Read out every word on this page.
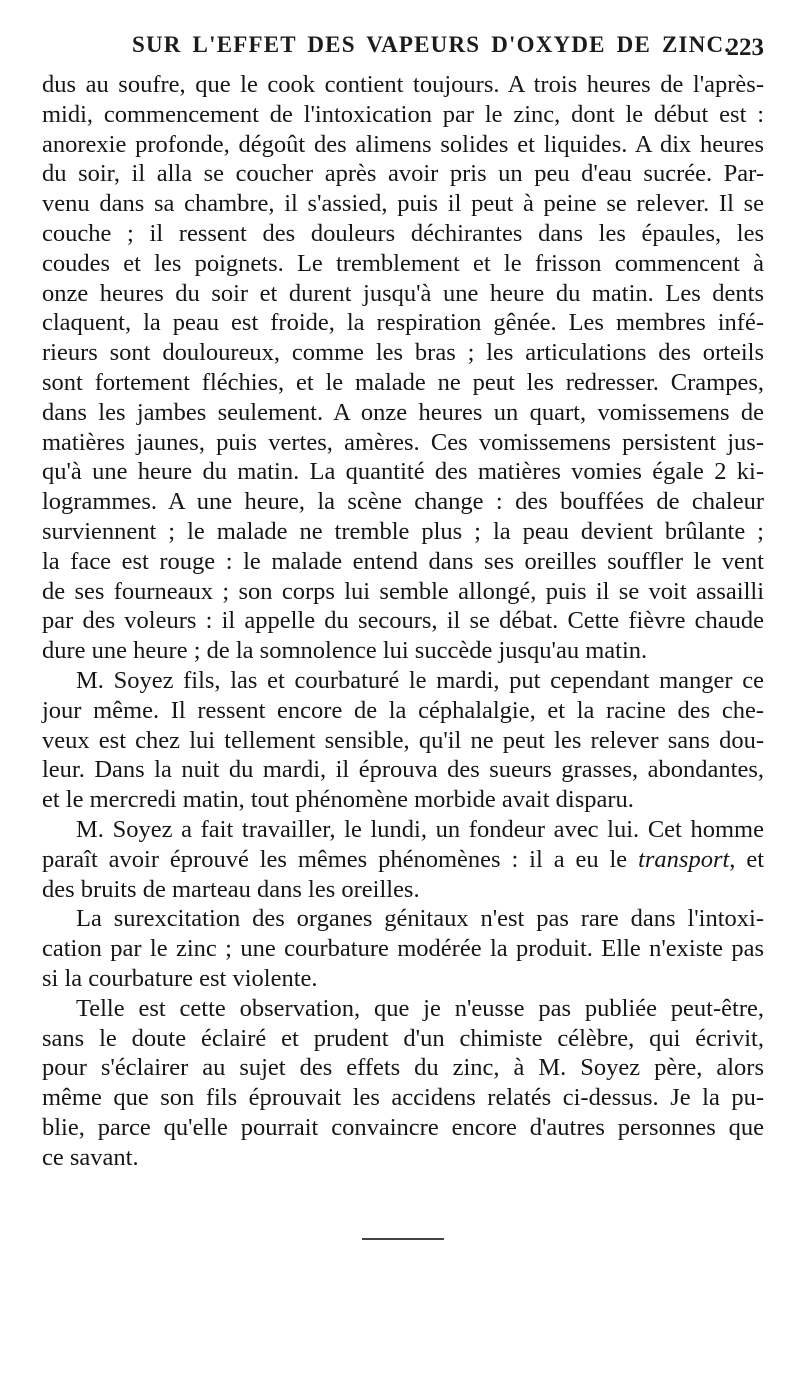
SUR L'EFFET DES VAPEURS D'OXYDE DE ZINC.
223
dus au soufre, que le cook contient toujours. A trois heures de l'après-
midi, commencement de l'intoxication par le zinc, dont le début est :
anorexie profonde, dégoût des alimens solides et liquides. A dix heures
du soir, il alla se coucher après avoir pris un peu d'eau sucrée. Par-
venu dans sa chambre, il s'assied, puis il peut à peine se relever. Il se
couche ; il ressent des douleurs déchirantes dans les épaules, les
coudes et les poignets. Le tremblement et le frisson commencent à
onze heures du soir et durent jusqu'à une heure du matin. Les dents
claquent, la peau est froide, la respiration gênée. Les membres infé-
rieurs sont douloureux, comme les bras ; les articulations des orteils
sont fortement fléchies, et le malade ne peut les redresser. Crampes,
dans les jambes seulement. A onze heures un quart, vomissemens de
matières jaunes, puis vertes, amères. Ces vomissemens persistent jus-
qu'à une heure du matin. La quantité des matières vomies égale 2 ki-
logrammes. A une heure, la scène change : des bouffées de chaleur
surviennent ; le malade ne tremble plus ; la peau devient brûlante ;
la face est rouge : le malade entend dans ses oreilles souffler le vent
de ses fourneaux ; son corps lui semble allongé, puis il se voit assailli
par des voleurs : il appelle du secours, il se débat. Cette fièvre chaude
dure une heure ; de la somnolence lui succède jusqu'au matin.
M. Soyez fils, las et courbaturé le mardi, put cependant manger ce
jour même. Il ressent encore de la céphalalgie, et la racine des che-
veux est chez lui tellement sensible, qu'il ne peut les relever sans dou-
leur. Dans la nuit du mardi, il éprouva des sueurs grasses, abondantes,
et le mercredi matin, tout phénomène morbide avait disparu.
M. Soyez a fait travailler, le lundi, un fondeur avec lui. Cet homme
paraît avoir éprouvé les mêmes phénomènes : il a eu le transport, et
des bruits de marteau dans les oreilles.
La surexcitation des organes génitaux n'est pas rare dans l'intoxi-
cation par le zinc ; une courbature modérée la produit. Elle n'existe pas
si la courbature est violente.
Telle est cette observation, que je n'eusse pas publiée peut-être,
sans le doute éclairé et prudent d'un chimiste célèbre, qui écrivit,
pour s'éclairer au sujet des effets du zinc, à M. Soyez père, alors
même que son fils éprouvait les accidens relatés ci-dessus. Je la pu-
blie, parce qu'elle pourrait convaincre encore d'autres personnes que
ce savant.
